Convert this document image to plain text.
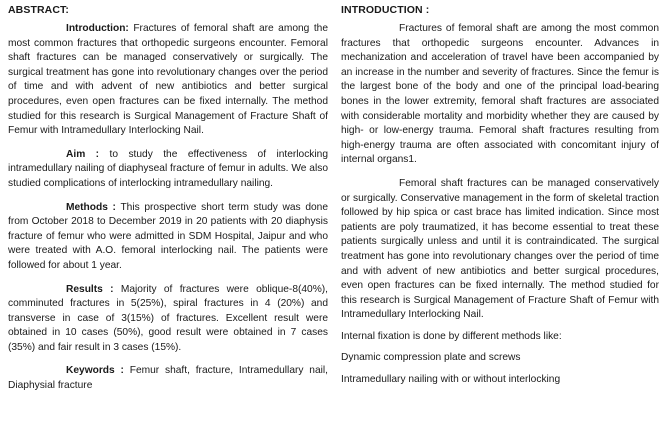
ABSTRACT:

Introduction: Fractures of femoral shaft are among the most common fractures that orthopedic surgeons encounter. Femoral shaft fractures can be managed conservatively or surgically. The surgical treatment has gone into revolutionary changes over the period of time and with advent of new antibiotics and better surgical procedures, even open fractures can be fixed internally. The method studied for this research is Surgical Management of Fracture Shaft of Femur with Intramedullary Interlocking Nail.

Aim : to study the effectiveness of interlocking intramedullary nailing of diaphyseal fracture of femur in adults. We also studied complications of interlocking intramedullary nailing.

Methods : This prospective short term study was done from October 2018 to December 2019 in 20 patients with 20 diaphysis fracture of femur who were admitted in SDM Hospital, Jaipur and who were treated with A.O. femoral interlocking nail. The patients were followed for about 1 year.

Results : Majority of fractures were oblique-8(40%), comminuted fractures in 5(25%), spiral fractures in 4 (20%) and transverse in case of 3(15%) of fractures. Excellent result were obtained in 10 cases (50%), good result were obtained in 7 cases (35%) and fair result in 3 cases (15%).

Keywords : Femur shaft, fracture, Intramedullary nail, Diaphysial fracture

INTRODUCTION :

Fractures of femoral shaft are among the most common fractures that orthopedic surgeons encounter. Advances in mechanization and acceleration of travel have been accompanied by an increase in the number and severity of fractures. Since the femur is the largest bone of the body and one of the principal load-bearing bones in the lower extremity, femoral shaft fractures are associated with considerable mortality and morbidity whether they are caused by high- or low-energy trauma. Femoral shaft fractures resulting from high-energy trauma are often associated with concomitant injury of internal organs1.

Femoral shaft fractures can be managed conservatively or surgically. Conservative management in the form of skeletal traction followed by hip spica or cast brace has limited indication. Since most patients are poly traumatized, it has become essential to treat these patients surgically unless and until it is contraindicated. The surgical treatment has gone into revolutionary changes over the period of time and with advent of new antibiotics and better surgical procedures, even open fractures can be fixed internally. The method studied for this research is Surgical Management of Fracture Shaft of Femur with Intramedullary Interlocking Nail.

Internal fixation is done by different methods like:

Dynamic compression plate and screws

Intramedullary nailing with or without interlocking
